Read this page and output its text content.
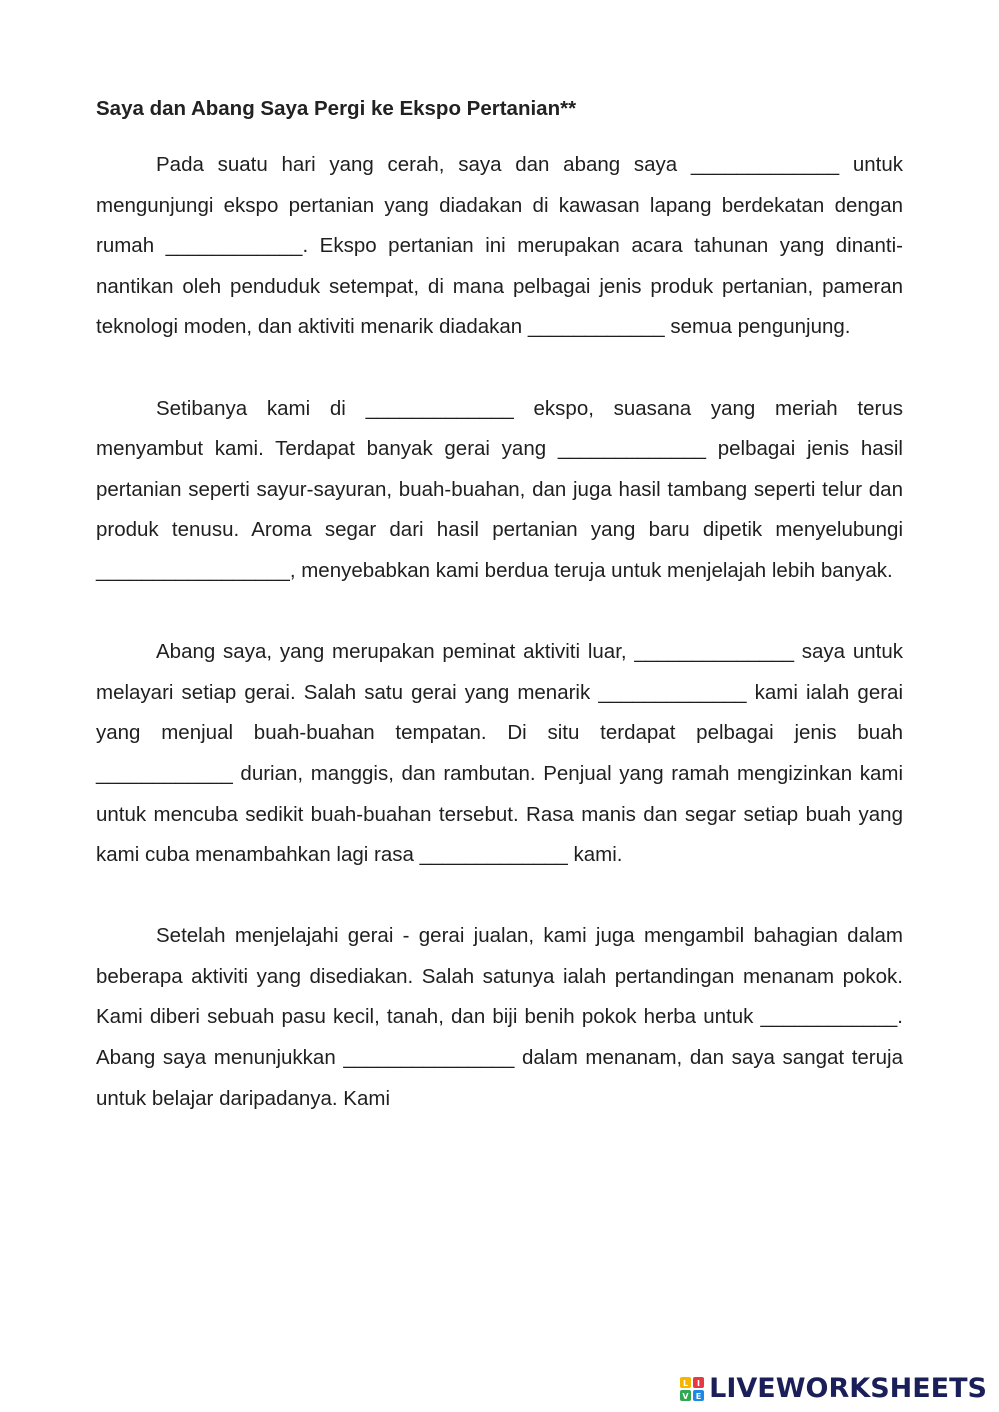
Saya dan Abang Saya Pergi ke Ekspo Pertanian**

Pada suatu hari yang cerah, saya dan abang saya _____________ untuk mengunjungi ekspo pertanian yang diadakan di kawasan lapang berdekatan dengan rumah ____________. Ekspo pertanian ini merupakan acara tahunan yang dinanti-nantikan oleh penduduk setempat, di mana pelbagai jenis produk pertanian, pameran teknologi moden, dan aktiviti menarik diadakan ____________ semua pengunjung.

Setibanya kami di _____________ ekspo, suasana yang meriah terus menyambut kami. Terdapat banyak gerai yang _____________ pelbagai jenis hasil pertanian seperti sayur-sayuran, buah-buahan, dan juga hasil tambang seperti telur dan produk tenusu. Aroma segar dari hasil pertanian yang baru dipetik menyelubungi _________________, menyebabkan kami berdua teruja untuk menjelajah lebih banyak.

Abang saya, yang merupakan peminat aktiviti luar, ______________ saya untuk melayari setiap gerai. Salah satu gerai yang menarik _____________ kami ialah gerai yang menjual buah-buahan tempatan. Di situ terdapat pelbagai jenis buah ____________ durian, manggis, dan rambutan. Penjual yang ramah mengizinkan kami untuk mencuba sedikit buah-buahan tersebut. Rasa manis dan segar setiap buah yang kami cuba menambahkan lagi rasa _____________ kami.

Setelah menjelajahi gerai - gerai jualan, kami juga mengambil bahagian dalam beberapa aktiviti yang disediakan. Salah satunya ialah pertandingan menanam pokok. Kami diberi sebuah pasu kecil, tanah, dan biji benih pokok herba untuk ____________. Abang saya menunjukkan _______________ dalam menanam, dan saya sangat teruja untuk belajar daripadanya. Kami

L I
V E LIVEWORKSHEETS
